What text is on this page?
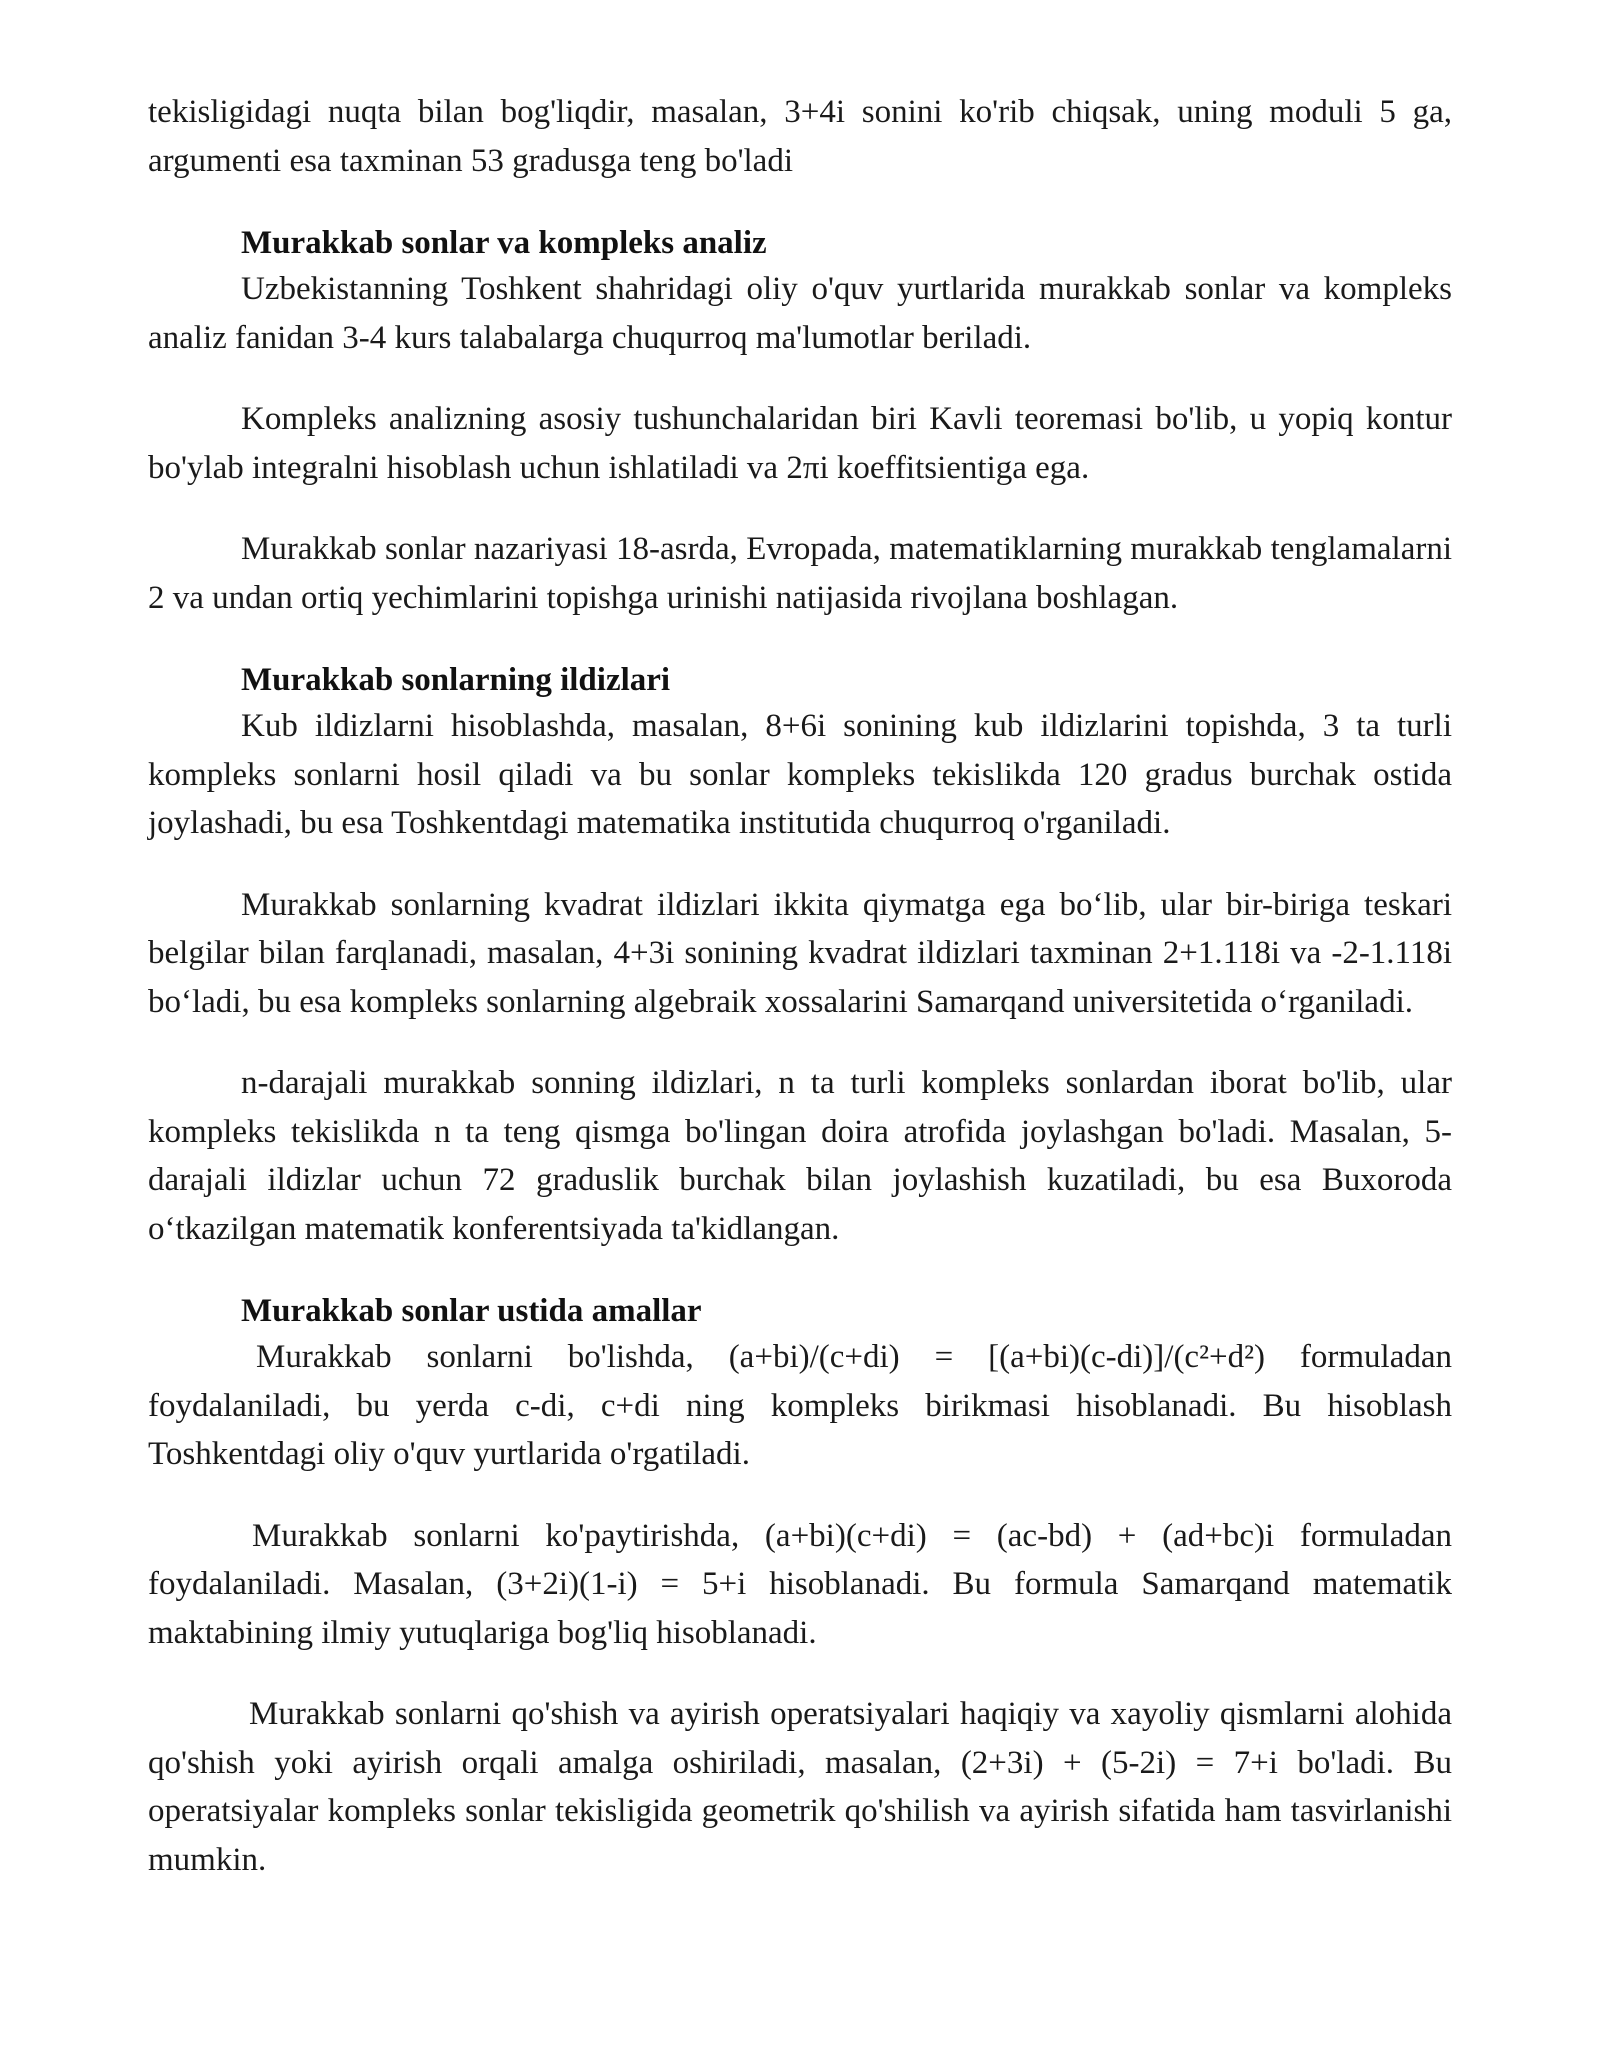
tekisligidagi nuqta bilan bog'liqdir, masalan, 3+4i sonini ko'rib chiqsak, uning moduli 5 ga, argumenti esa taxminan 53 gradusga teng bo'ladi

Murakkab sonlar va kompleks analiz

Uzbekistanning Toshkent shahridagi oliy o'quv yurtlarida murakkab sonlar va kompleks analiz fanidan 3-4 kurs talabalarga chuqurroq ma'lumotlar beriladi.

Kompleks analizning asosiy tushunchalaridan biri Kavli teoremasi bo'lib, u yopiq kontur bo'ylab integralni hisoblash uchun ishlatiladi va 2πi koeffitsientiga ega.

Murakkab sonlar nazariyasi 18-asrda, Evropada, matematiklarning murakkab tenglamalarni 2 va undan ortiq yechimlarini topishga urinishi natijasida rivojlana boshlagan.

Murakkab sonlarning ildizlari

Kub ildizlarni hisoblashda, masalan, 8+6i sonining kub ildizlarini topishda, 3 ta turli kompleks sonlarni hosil qiladi va bu sonlar kompleks tekislikda 120 gradus burchak ostida joylashadi, bu esa Toshkentdagi matematika institutida chuqurroq o'rganiladi.

Murakkab sonlarning kvadrat ildizlari ikkita qiymatga ega bo‘lib, ular bir-biriga teskari belgilar bilan farqlanadi, masalan, 4+3i sonining kvadrat ildizlari taxminan 2+1.118i va -2-1.118i bo‘ladi, bu esa kompleks sonlarning algebraik xossalarini Samarqand universitetida o‘rganiladi.

n-darajali murakkab sonning ildizlari, n ta turli kompleks sonlardan iborat bo'lib, ular kompleks tekislikda n ta teng qismga bo'lingan doira atrofida joylashgan bo'ladi. Masalan, 5-darajali ildizlar uchun 72 graduslik burchak bilan joylashish kuzatiladi, bu esa Buxoroda o‘tkazilgan matematik konferentsiyada ta'kidlangan.

Murakkab sonlar ustida amallar

Murakkab sonlarni bo'lishda, (a+bi)/(c+di) = [(a+bi)(c-di)]/(c²+d²) formuladan foydalaniladi, bu yerda c-di, c+di ning kompleks birikmasi hisoblanadi. Bu hisoblash Toshkentdagi oliy o'quv yurtlarida o'rgatiladi.

Murakkab sonlarni ko'paytirishda, (a+bi)(c+di) = (ac-bd) + (ad+bc)i formuladan foydalaniladi. Masalan, (3+2i)(1-i) = 5+i hisoblanadi. Bu formula Samarqand matematik maktabining ilmiy yutuqlariga bog'liq hisoblanadi.

Murakkab sonlarni qo'shish va ayirish operatsiyalari haqiqiy va xayoliy qismlarni alohida qo'shish yoki ayirish orqali amalga oshiriladi, masalan, (2+3i) + (5-2i) = 7+i bo'ladi. Bu operatsiyalar kompleks sonlar tekisligida geometrik qo'shilish va ayirish sifatida ham tasvirlanishi mumkin.
